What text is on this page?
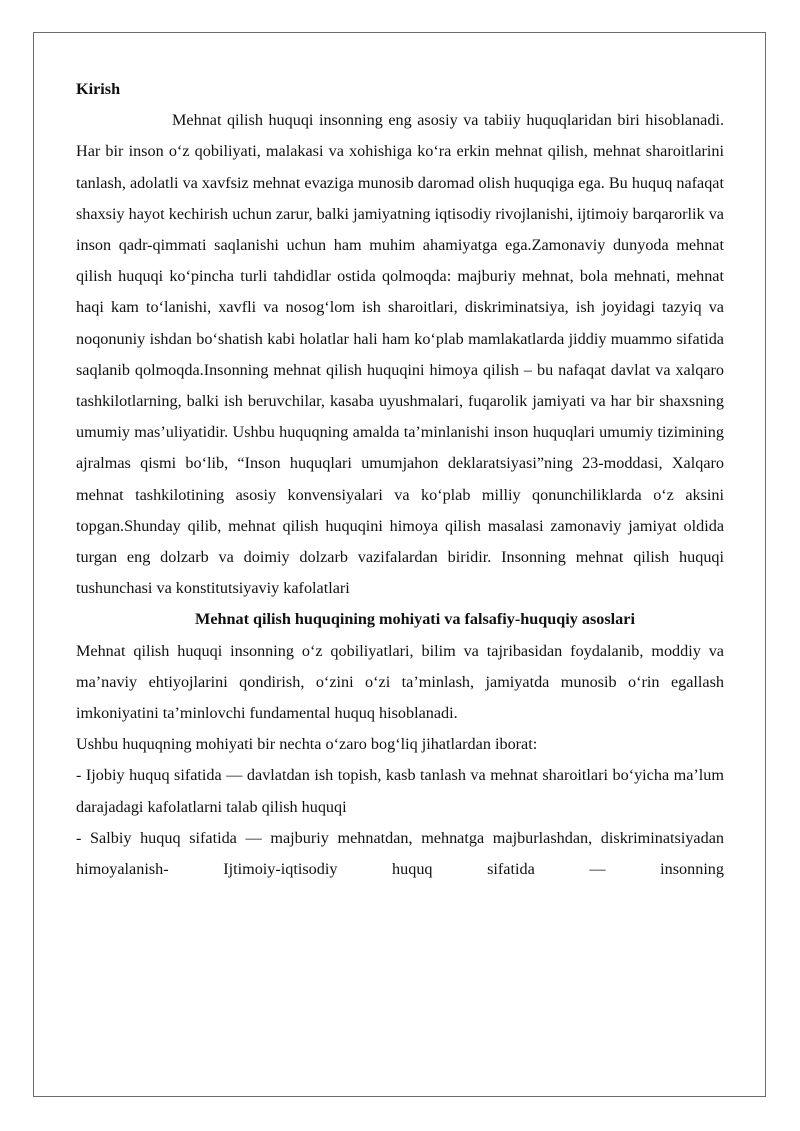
Kirish

Mehnat qilish huquqi insonning eng asosiy va tabiiy huquqlaridan biri hisoblanadi. Har bir inson o‘z qobiliyati, malakasi va xohishiga ko‘ra erkin mehnat qilish, mehnat sharoitlarini tanlash, adolatli va xavfsiz mehnat evaziga munosib daromad olish huquqiga ega. Bu huquq nafaqat shaxsiy hayot kechirish uchun zarur, balki jamiyatning iqtisodiy rivojlanishi, ijtimoiy barqarorlik va inson qadr-qimmati saqlanishi uchun ham muhim ahamiyatga ega.Zamonaviy dunyoda mehnat qilish huquqi ko‘pincha turli tahdidlar ostida qolmoqda: majburiy mehnat, bola mehnati, mehnat haqi kam to‘lanishi, xavfli va nosog‘lom ish sharoitlari, diskriminatsiya, ish joyidagi tazyiq va noqonuniy ishdan bo‘shatish kabi holatlar hali ham ko‘plab mamlakatlarda jiddiy muammo sifatida saqlanib qolmoqda.Insonning mehnat qilish huquqini himoya qilish – bu nafaqat davlat va xalqaro tashkilotlarning, balki ish beruvchilar, kasaba uyushmalari, fuqarolik jamiyati va har bir shaxsning umumiy mas’uliyatidir. Ushbu huquqning amalda ta’minlanishi inson huquqlari umumiy tizimining ajralmas qismi bo‘lib, “Inson huquqlari umumjahon deklaratsiyasi”ning 23-moddasi, Xalqaro mehnat tashkilotining asosiy konvensiyalari va ko‘plab milliy qonunchiliklarda o‘z aksini topgan.Shunday qilib, mehnat qilish huquqini himoya qilish masalasi zamonaviy jamiyat oldida turgan eng dolzarb va doimiy dolzarb vazifalardan biridir. Insonning mehnat qilish huquqi tushunchasi va konstitutsiyaviy kafolatlari

Mehnat qilish huquqining mohiyati va falsafiy-huquqiy asoslari

Mehnat qilish huquqi insonning o‘z qobiliyatlari, bilim va tajribasidan foydalanib, moddiy va ma’naviy ehtiyojlarini qondirish, o‘zini o‘zi ta’minlash, jamiyatda munosib o‘rin egallash imkoniyatini ta’minlovchi fundamental huquq hisoblanadi.

Ushbu huquqning mohiyati bir nechta o‘zaro bog‘liq jihatlardan iborat:

- Ijobiy huquq sifatida — davlatdan ish topish, kasb tanlash va mehnat sharoitlari bo‘yicha ma’lum darajadagi kafolatlarni talab qilish huquqi

- Salbiy huquq sifatida — majburiy mehnatdan, mehnatga majburlashdan, diskriminatsiyadan himoyalanish- Ijtimoiy-iqtisodiy huquq sifatida — insonning
